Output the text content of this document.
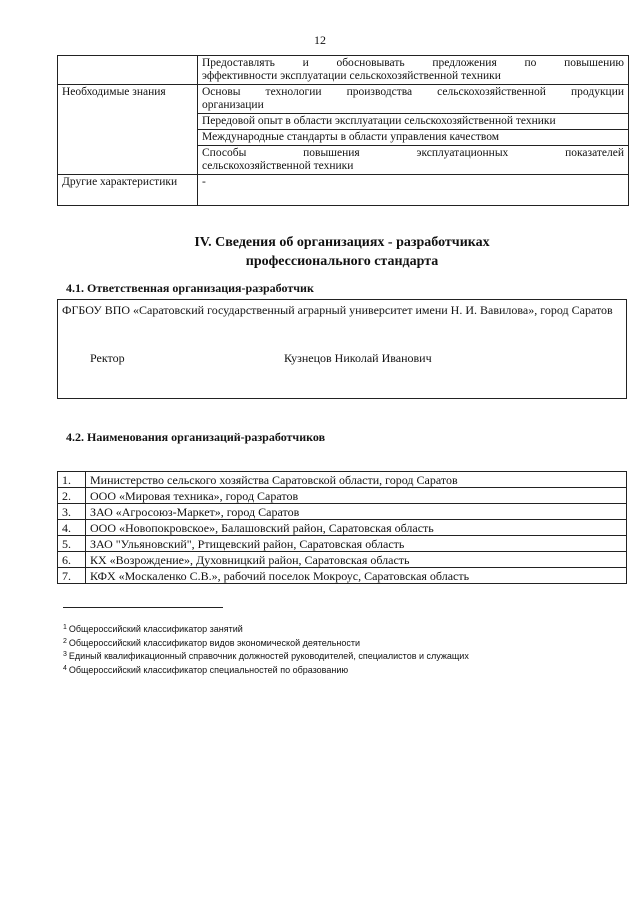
12

	Предоставлять и обосновывать предложения по повышению
эффективности эксплуатации сельскохозяйственной техники
Необходимые знания	Основы технологии производства сельскохозяйственной продукции
организации
	Передовой опыт в области эксплуатации сельскохозяйственной техники
	Международные стандарты в области управления качеством

	Способы повышения эксплуатационных показателей
сельскохозяйственной техники
Другие характеристики	-
IV. Сведения об организациях - разработчиках
профессионального стандарта
4.1. Ответственная организация-разработчик
ФГБОУ ВПО «Саратовский государственный аграрный университет имени Н. И. Вавилова», город Саратов
Ректор	Кузнецов Николай Иванович
4.2. Наименования организаций-разработчиков
1.	Министерство сельского хозяйства Саратовской области, город Саратов
2.	ООО «Мировая техника», город Саратов
3.	ЗАО «Агросоюз-Маркет», город Саратов
4.	ООО «Новопокровское», Балашовский район, Саратовская область
5.	ЗАО "Ульяновский", Ртищевский район, Саратовская область
6.	КХ «Возрождение», Духовницкий район, Саратовская область
7.	КФХ «Москаленко С.В.», рабочий поселок Мокроус, Саратовская область
$^1$ Общероссийский классификатор занятий
$^2$ Общероссийский классификатор видов экономической деятельности
$^3$ Единый квалификационный справочник должностей руководителей, специалистов и служащих
$^4$ Общероссийский классификатор специальностей по образованию
